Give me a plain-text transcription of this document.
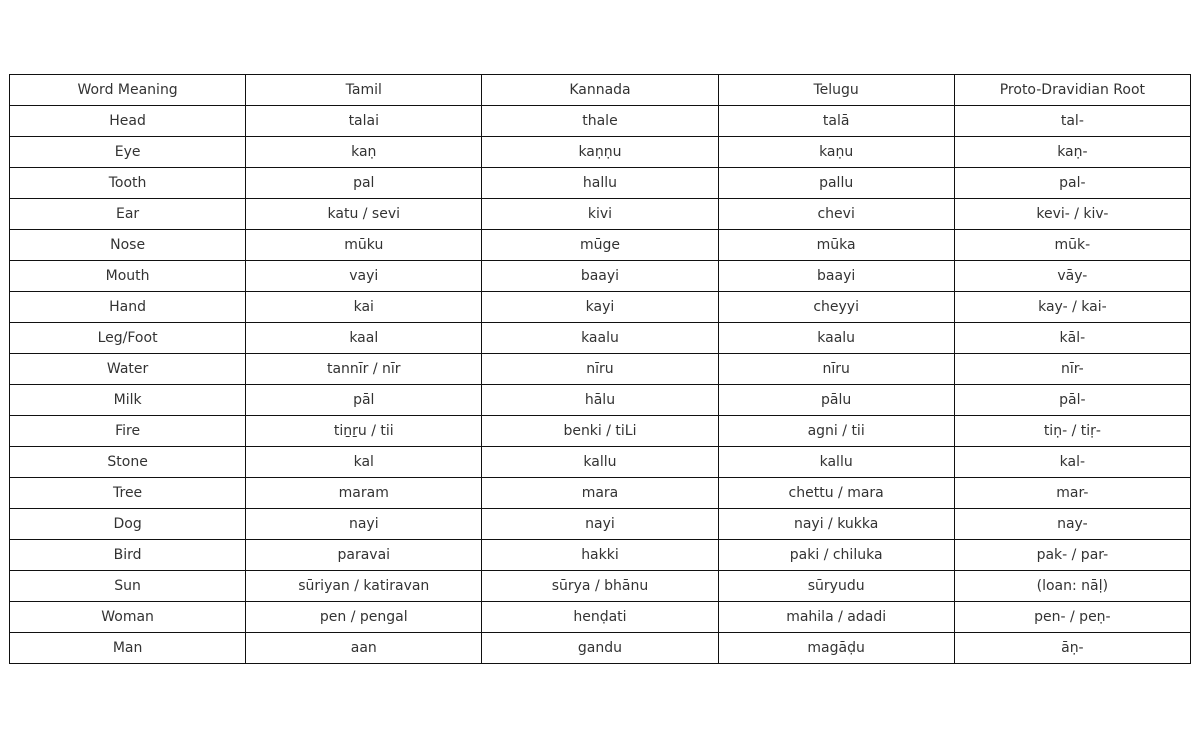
Word Meaning	Tamil	Kannada	Telugu	Proto-Dravidian Root
Head	talai	thale	talā	tal-
Eye	kaṇ	kaṇṇu	kaṇu	kaṇ-
Tooth	pal	hallu	pallu	pal-
Ear	katu / sevi	kivi	chevi	kevi- / kiv-
Nose	mūku	mūge	mūka	mūk-
Mouth	vayi	baayi	baayi	vāy-
Hand	kai	kayi	cheyyi	kay- / kai-
Leg/Foot	kaal	kaalu	kaalu	kāl-
Water	tannīr / nīr	nīru	nīru	nīr-
Milk	pāl	hālu	pālu	pāl-
Fire	tiṉṟu / tii	benki / tiLi	agni / tii	tiṇ- / tiṛ-
Stone	kal	kallu	kallu	kal-
Tree	maram	mara	chettu / mara	mar-
Dog	nayi	nayi	nayi / kukka	nay-
Bird	paravai	hakki	paki / chiluka	pak- / par-
Sun	sūriyan / katiravan	sūrya / bhānu	sūryudu	(loan: nāḷ)
Woman	pen / pengal	henḍati	mahila / adadi	pen- / peṇ-
Man	aan	gandu	magāḍu	āṇ-
